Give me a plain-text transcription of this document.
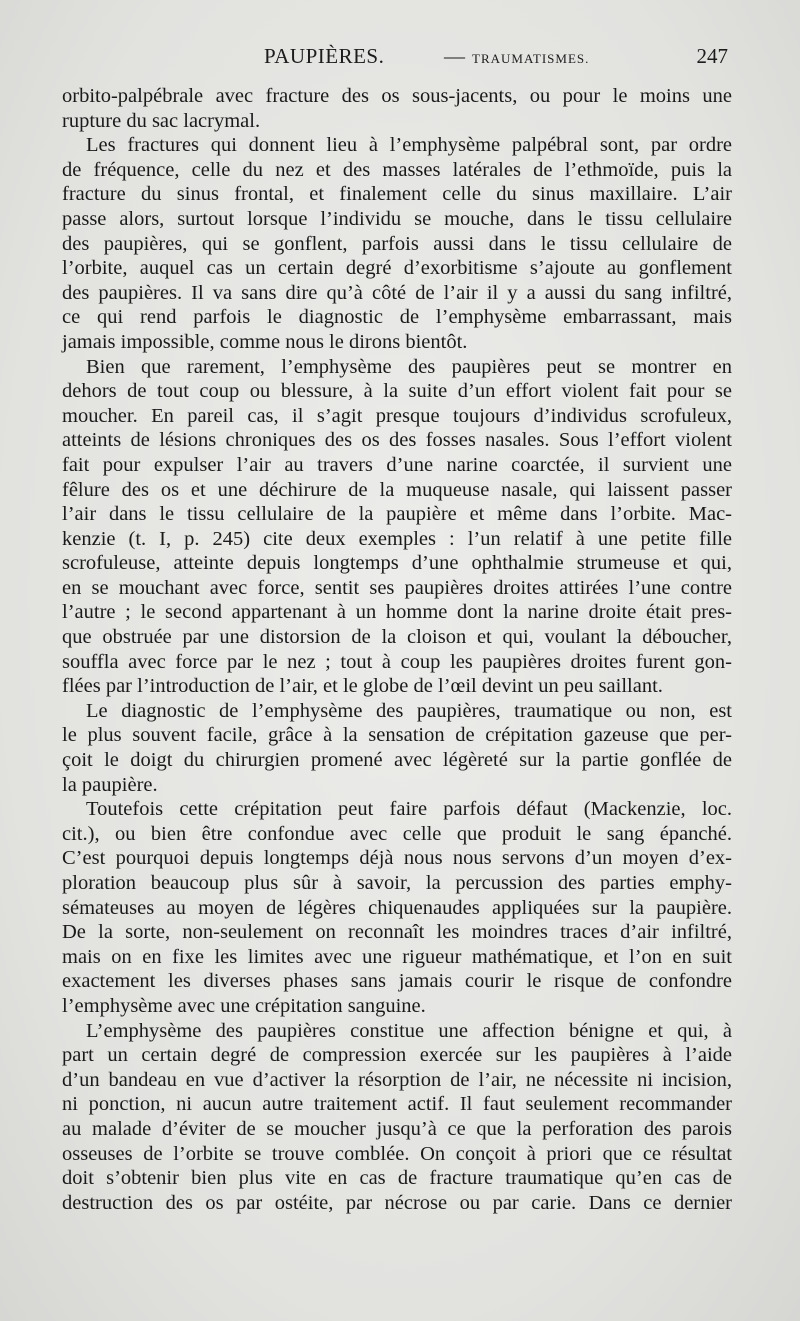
PAUPIÈRES.	— TRAUMATISMES.	247

orbito-palpébrale avec fracture des os sous-jacents, ou pour le moins une

rupture du sac lacrymal.

Les fractures qui donnent lieu à l’emphysème palpébral sont, par ordre

de fréquence, celle du nez et des masses latérales de l’ethmoïde, puis la

fracture du sinus frontal, et finalement celle du sinus maxillaire. L’air

passe alors, surtout lorsque l’individu se mouche, dans le tissu cellulaire

des paupières, qui se gonflent, parfois aussi dans le tissu cellulaire de

l’orbite, auquel cas un certain degré d’exorbitisme s’ajoute au gonflement

des paupières. Il va sans dire qu’à côté de l’air il y a aussi du sang infiltré,

ce qui rend parfois le diagnostic de l’emphysème embarrassant, mais

jamais impossible, comme nous le dirons bientôt.

Bien que rarement, l’emphysème des paupières peut se montrer en

dehors de tout coup ou blessure, à la suite d’un effort violent fait pour se

moucher. En pareil cas, il s’agit presque toujours d’individus scrofuleux,

atteints de lésions chroniques des os des fosses nasales. Sous l’effort violent

fait pour expulser l’air au travers d’une narine coarctée, il survient une

fêlure des os et une déchirure de la muqueuse nasale, qui laissent passer

l’air dans le tissu cellulaire de la paupière et même dans l’orbite. Mac-

kenzie (t. I, p. 245) cite deux exemples : l’un relatif à une petite fille

scrofuleuse, atteinte depuis longtemps d’une ophthalmie strumeuse et qui,

en se mouchant avec force, sentit ses paupières droites attirées l’une contre

l’autre ; le second appartenant à un homme dont la narine droite était pres-

que obstruée par une distorsion de la cloison et qui, voulant la déboucher,

souffla avec force par le nez ; tout à coup les paupières droites furent gon-

flées par l’introduction de l’air, et le globe de l’œil devint un peu saillant.

Le diagnostic de l’emphysème des paupières, traumatique ou non, est

le plus souvent facile, grâce à la sensation de crépitation gazeuse que per-

çoit le doigt du chirurgien promené avec légèreté sur la partie gonflée de

la paupière.

Toutefois cette crépitation peut faire parfois défaut (Mackenzie, loc.

cit.), ou bien être confondue avec celle que produit le sang épanché.

C’est pourquoi depuis longtemps déjà nous nous servons d’un moyen d’ex-

ploration beaucoup plus sûr à savoir, la percussion des parties emphy-

sémateuses au moyen de légères chiquenaudes appliquées sur la paupière.

De la sorte, non-seulement on reconnaît les moindres traces d’air infiltré,

mais on en fixe les limites avec une rigueur mathématique, et l’on en suit

exactement les diverses phases sans jamais courir le risque de confondre

l’emphysème avec une crépitation sanguine.

L’emphysème des paupières constitue une affection bénigne et qui, à

part un certain degré de compression exercée sur les paupières à l’aide

d’un bandeau en vue d’activer la résorption de l’air, ne nécessite ni incision,

ni ponction, ni aucun autre traitement actif. Il faut seulement recommander

au malade d’éviter de se moucher jusqu’à ce que la perforation des parois

osseuses de l’orbite se trouve comblée. On conçoit à priori que ce résultat

doit s’obtenir bien plus vite en cas de fracture traumatique qu’en cas de

destruction des os par ostéite, par nécrose ou par carie. Dans ce dernier
